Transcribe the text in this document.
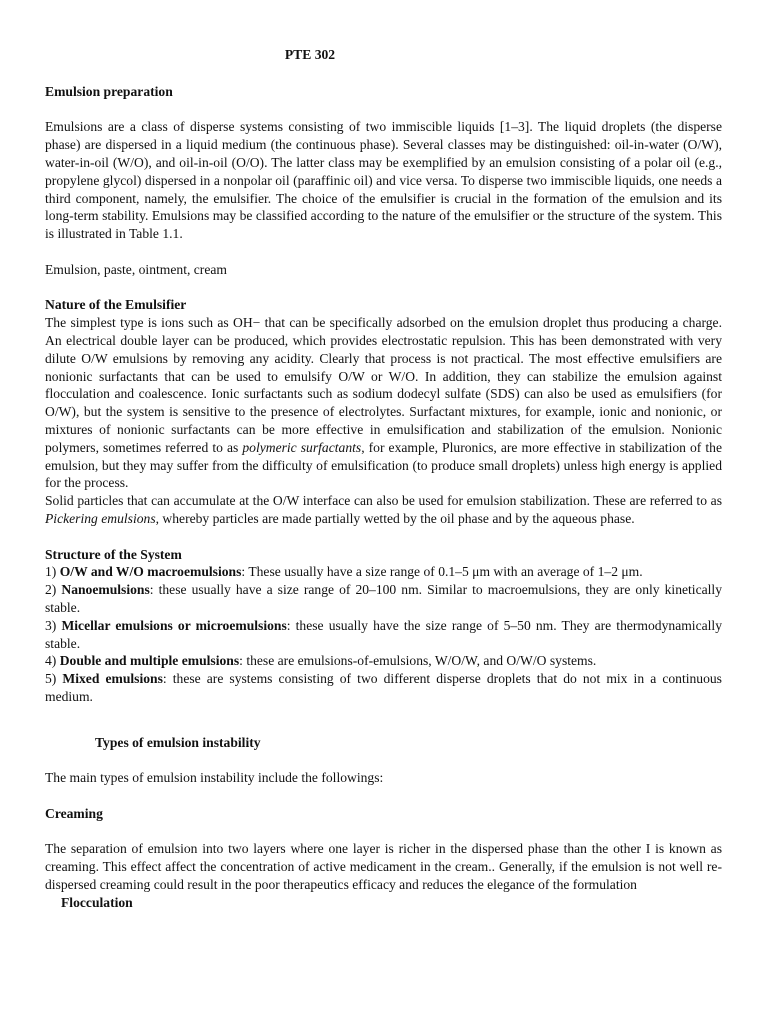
PTE 302
Emulsion preparation

Emulsions are a class of disperse systems consisting of two immiscible liquids [1–3]. The liquid droplets (the disperse phase) are dispersed in a liquid medium (the continuous phase). Several classes may be distinguished: oil-in-water (O/W), water-in-oil (W/O), and oil-in-oil (O/O). The latter class may be exemplified by an emulsion consisting of a polar oil (e.g., propylene glycol) dispersed in a nonpolar oil (paraffinic oil) and vice versa. To disperse two immiscible liquids, one needs a third component, namely, the emulsifier. The choice of the emulsifier is crucial in the formation of the emulsion and its long-term stability. Emulsions may be classified according to the nature of the emulsifier or the structure of the system. This is illustrated in Table 1.1.

Emulsion, paste, ointment, cream

Nature of the Emulsifier

The simplest type is ions such as OH− that can be specifically adsorbed on the emulsion droplet thus producing a charge. An electrical double layer can be produced, which provides electrostatic repulsion. This has been demonstrated with very dilute O/W emulsions by removing any acidity. Clearly that process is not practical. The most effective emulsifiers are nonionic surfactants that can be used to emulsify O/W or W/O. In addition, they can stabilize the emulsion against flocculation and coalescence. Ionic surfactants such as sodium dodecyl sulfate (SDS) can also be used as emulsifiers (for O/W), but the system is sensitive to the presence of electrolytes. Surfactant mixtures, for example, ionic and nonionic, or mixtures of nonionic surfactants can be more effective in emulsification and stabilization of the emulsion. Nonionic polymers, sometimes referred to as polymeric surfactants, for example, Pluronics, are more effective in stabilization of the emulsion, but they may suffer from the difficulty of emulsification (to produce small droplets) unless high energy is applied for the process.

Solid particles that can accumulate at the O/W interface can also be used for emulsion stabilization. These are referred to as Pickering emulsions, whereby particles are made partially wetted by the oil phase and by the aqueous phase.

Structure of the System

1) O/W and W/O macroemulsions: These usually have a size range of 0.1–5 μm with an average of 1–2 μm.

2) Nanoemulsions: these usually have a size range of 20–100 nm. Similar to macroemulsions, they are only kinetically stable.

3) Micellar emulsions or microemulsions: these usually have the size range of 5–50 nm. They are thermodynamically stable.

4) Double and multiple emulsions: these are emulsions-of-emulsions, W/O/W, and O/W/O systems.

5) Mixed emulsions: these are systems consisting of two different disperse droplets that do not mix in a continuous medium.

Types of emulsion instability

The main types of emulsion instability include the followings:

Creaming

The separation of emulsion into two layers where one layer is richer in the dispersed phase than the other I is known as creaming. This effect affect the concentration of active medicament in the cream.. Generally, if the emulsion is not well re-dispersed creaming could result in the poor therapeutics efficacy and reduces the elegance of the formulation

Flocculation
